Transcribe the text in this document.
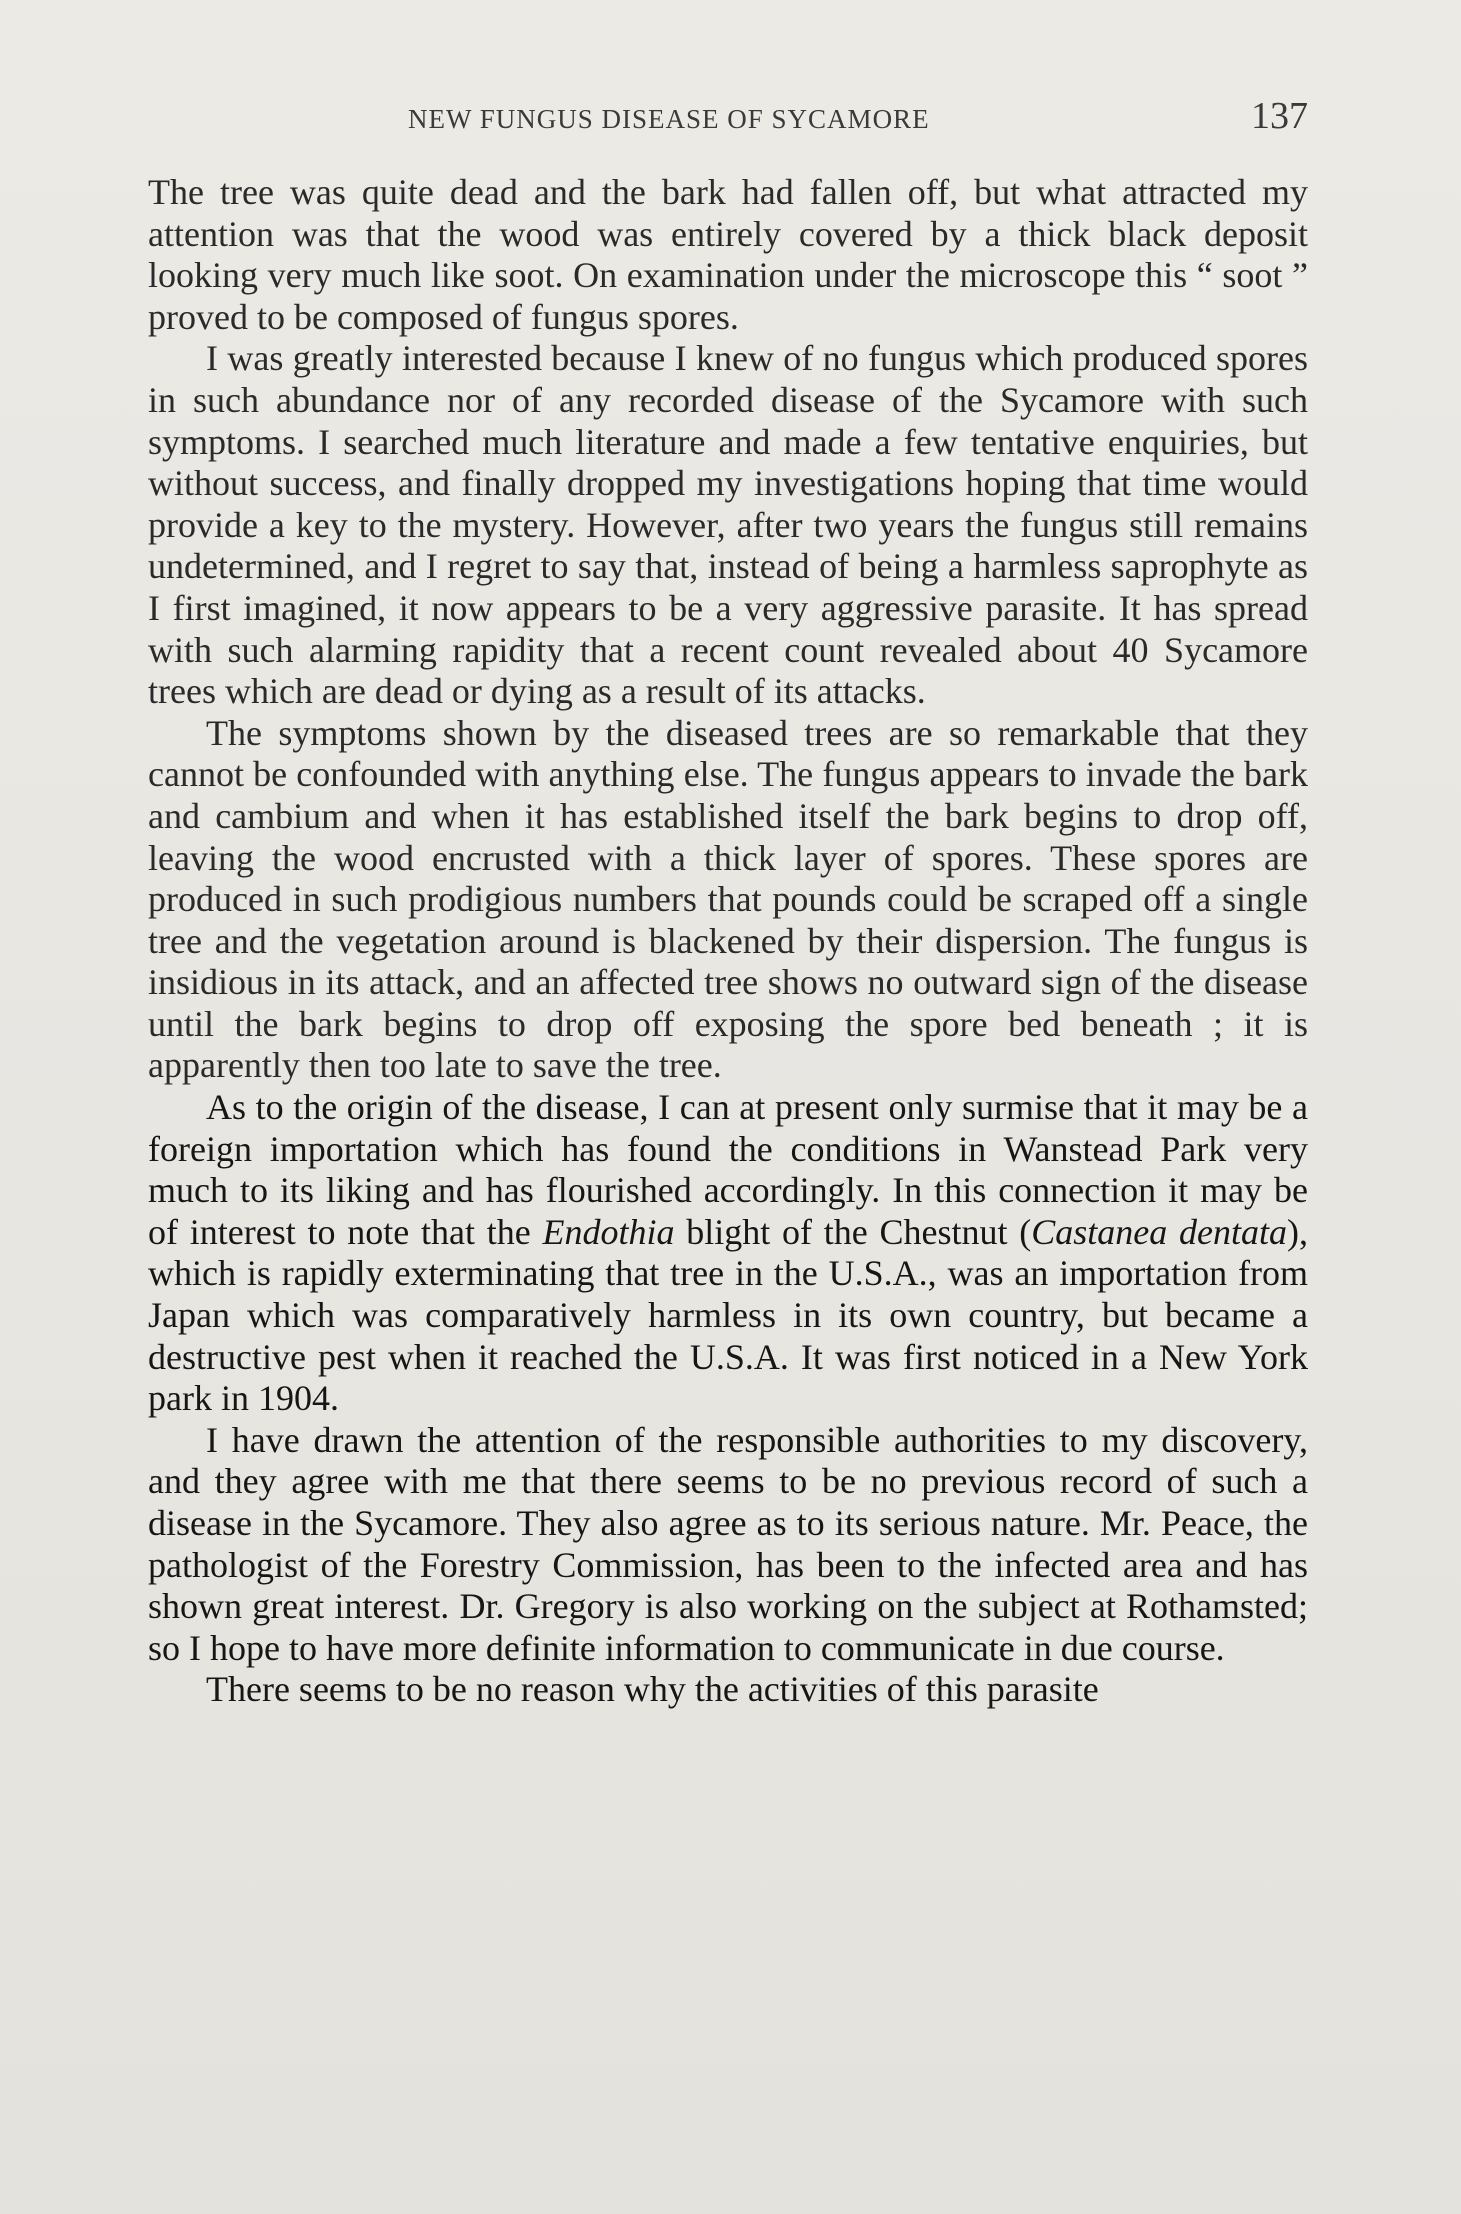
NEW FUNGUS DISEASE OF SYCAMORE	137

The tree was quite dead and the bark had fallen off, but what attracted my attention was that the wood was entirely covered by a thick black deposit looking very much like soot. On examination under the microscope this “ soot ” proved to be composed of fungus spores.

I was greatly interested because I knew of no fungus which produced spores in such abundance nor of any recorded disease of the Sycamore with such symptoms. I searched much literature and made a few tentative enquiries, but without success, and finally dropped my investigations hoping that time would provide a key to the mystery. However, after two years the fungus still remains undetermined, and I regret to say that, instead of being a harmless saprophyte as I first imagined, it now appears to be a very aggressive parasite. It has spread with such alarming rapidity that a recent count revealed about 40 Sycamore trees which are dead or dying as a result of its attacks.

The symptoms shown by the diseased trees are so remarkable that they cannot be confounded with anything else. The fungus appears to invade the bark and cambium and when it has established itself the bark begins to drop off, leaving the wood encrusted with a thick layer of spores. These spores are produced in such prodigious numbers that pounds could be scraped off a single tree and the vegetation around is blackened by their dispersion. The fungus is insidious in its attack, and an affected tree shows no outward sign of the disease until the bark begins to drop off exposing the spore bed beneath ; it is apparently then too late to save the tree.

As to the origin of the disease, I can at present only surmise that it may be a foreign importation which has found the conditions in Wanstead Park very much to its liking and has flourished accordingly. In this connection it may be of interest to note that the Endothia blight of the Chestnut (Castanea dentata), which is rapidly exterminating that tree in the U.S.A., was an importation from Japan which was comparatively harmless in its own country, but became a destructive pest when it reached the U.S.A. It was first noticed in a New York park in 1904.

I have drawn the attention of the responsible authorities to my discovery, and they agree with me that there seems to be no previous record of such a disease in the Sycamore. They also agree as to its serious nature. Mr. Peace, the pathologist of the Forestry Commission, has been to the infected area and has shown great interest. Dr. Gregory is also working on the subject at Rothamsted; so I hope to have more definite information to communicate in due course.

There seems to be no reason why the activities of this parasite
